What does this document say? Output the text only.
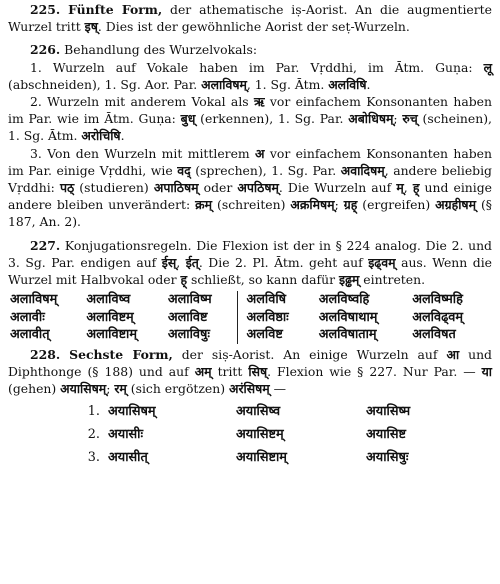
225. Fünfte Form, der athematische iṣ-Aorist. An die augmentierte Wurzel tritt इष्. Dies ist der gewöhnliche Aorist der seṭ-Wurzeln.

226. Behandlung des Wurzelvokals:

1. Wurzeln auf Vokale haben im Par. Vṛddhi, im Ātm. Guṇa: लू (abschneiden), 1. Sg. Aor. Par. अलाविषम्, 1. Sg. Ātm. अलविषि.

2. Wurzeln mit anderem Vokal als ऋ vor einfachem Konsonanten haben im Par. wie im Ātm. Guṇa: बुध् (erkennen), 1. Sg. Par. अबोधिषम्; रुच् (scheinen), 1. Sg. Ātm. अरोचिषि.

3. Von den Wurzeln mit mittlerem अ vor einfachem Konsonanten haben im Par. einige Vṛddhi, wie वद् (sprechen), 1. Sg. Par. अवादिषम्, andere beliebig Vṛddhi: पठ् (studieren) अपाठिषम् oder अपठिषम्. Die Wurzeln auf म्, ह् und einige andere bleiben unverändert: क्रम् (schreiten) अक्रमिषम्; ग्रह् (ergreifen) अग्रहीषम् (§ 187, An. 2).

227. Konjugationsregeln. Die Flexion ist der in § 224 analog. Die 2. und 3. Sg. Par. endigen auf ईस्, ईत्. Die 2. Pl. Ātm. geht auf इढ्वम् aus. Wenn die Wurzel mit Halbvokal oder ह् schließt, so kann dafür इढ्ढम् eintreten.

अलाविषम्	अलाविष्व	अलाविष्म	अलविषि	अलविष्वहि	अलविष्महि
अलावीः	अलाविष्टम्	अलाविष्ट	अलविष्ठाः	अलविषाथाम्	अलविढ्वम्
अलावीत्	अलाविष्टाम्	अलाविषुः	अलविष्ट	अलविषाताम्	अलविषत

228. Sechste Form, der siṣ-Aorist. An einige Wurzeln auf आ und Diphthonge (§ 188) und auf अम् tritt सिष्. Flexion wie § 227. Nur Par. — या (gehen) अयासिषम्; रम् (sich ergötzen) अरंसिषम् —

1.	अयासिषम्	अयासिष्व	अयासिष्म
2.	अयासीः	अयासिष्टम्	अयासिष्ट
3.	अयासीत्	अयासिष्टाम्	अयासिषुः
